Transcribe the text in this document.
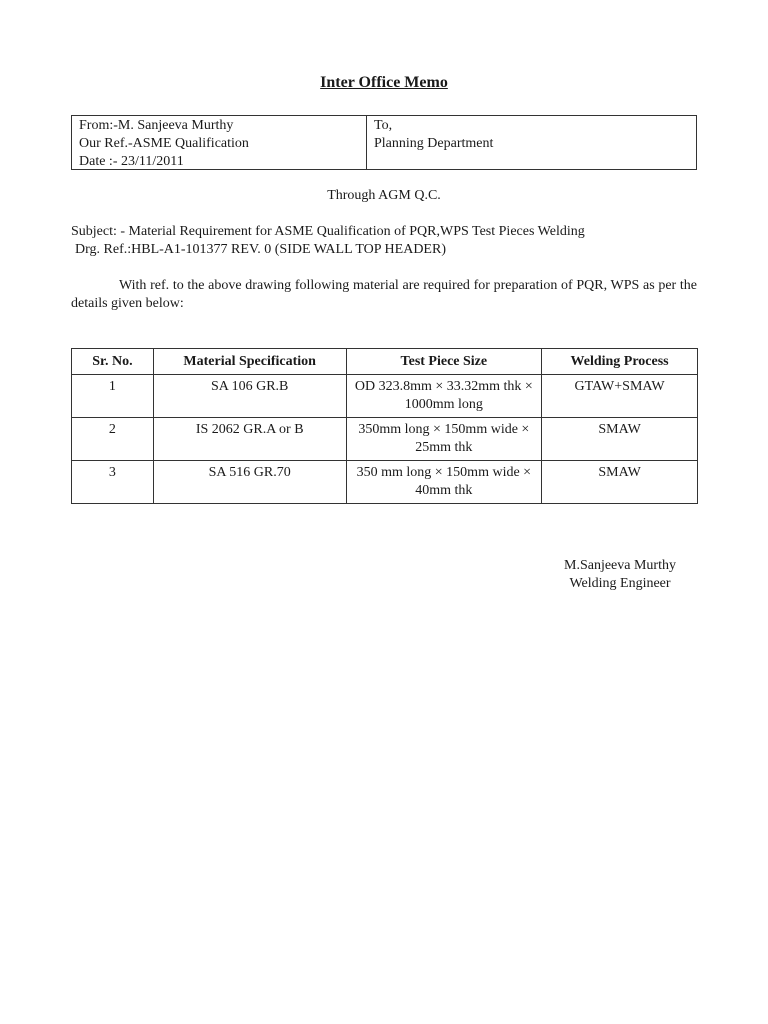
Inter Office Memo
From:-M. Sanjeeva Murthy
Our Ref.-ASME Qualification
Date :- 23/11/2011
To,
Planning Department
Through AGM Q.C.
Subject: - Material Requirement for ASME Qualification of PQR,WPS Test Pieces Welding
Drg. Ref.:HBL-A1-101377 REV. 0 (SIDE WALL TOP HEADER)
With ref. to the above drawing following material are required for preparation of PQR, WPS as per the details given below:
Sr. No.	Material Specification	Test Piece Size	Welding Process
1	SA 106 GR.B	OD 323.8mm × 33.32mm thk × 1000mm long	GTAW+SMAW
2	IS 2062 GR.A or B	350mm long × 150mm wide × 25mm thk	SMAW
3	SA 516 GR.70	350 mm long × 150mm wide × 40mm thk	SMAW
M.Sanjeeva Murthy
Welding Engineer
